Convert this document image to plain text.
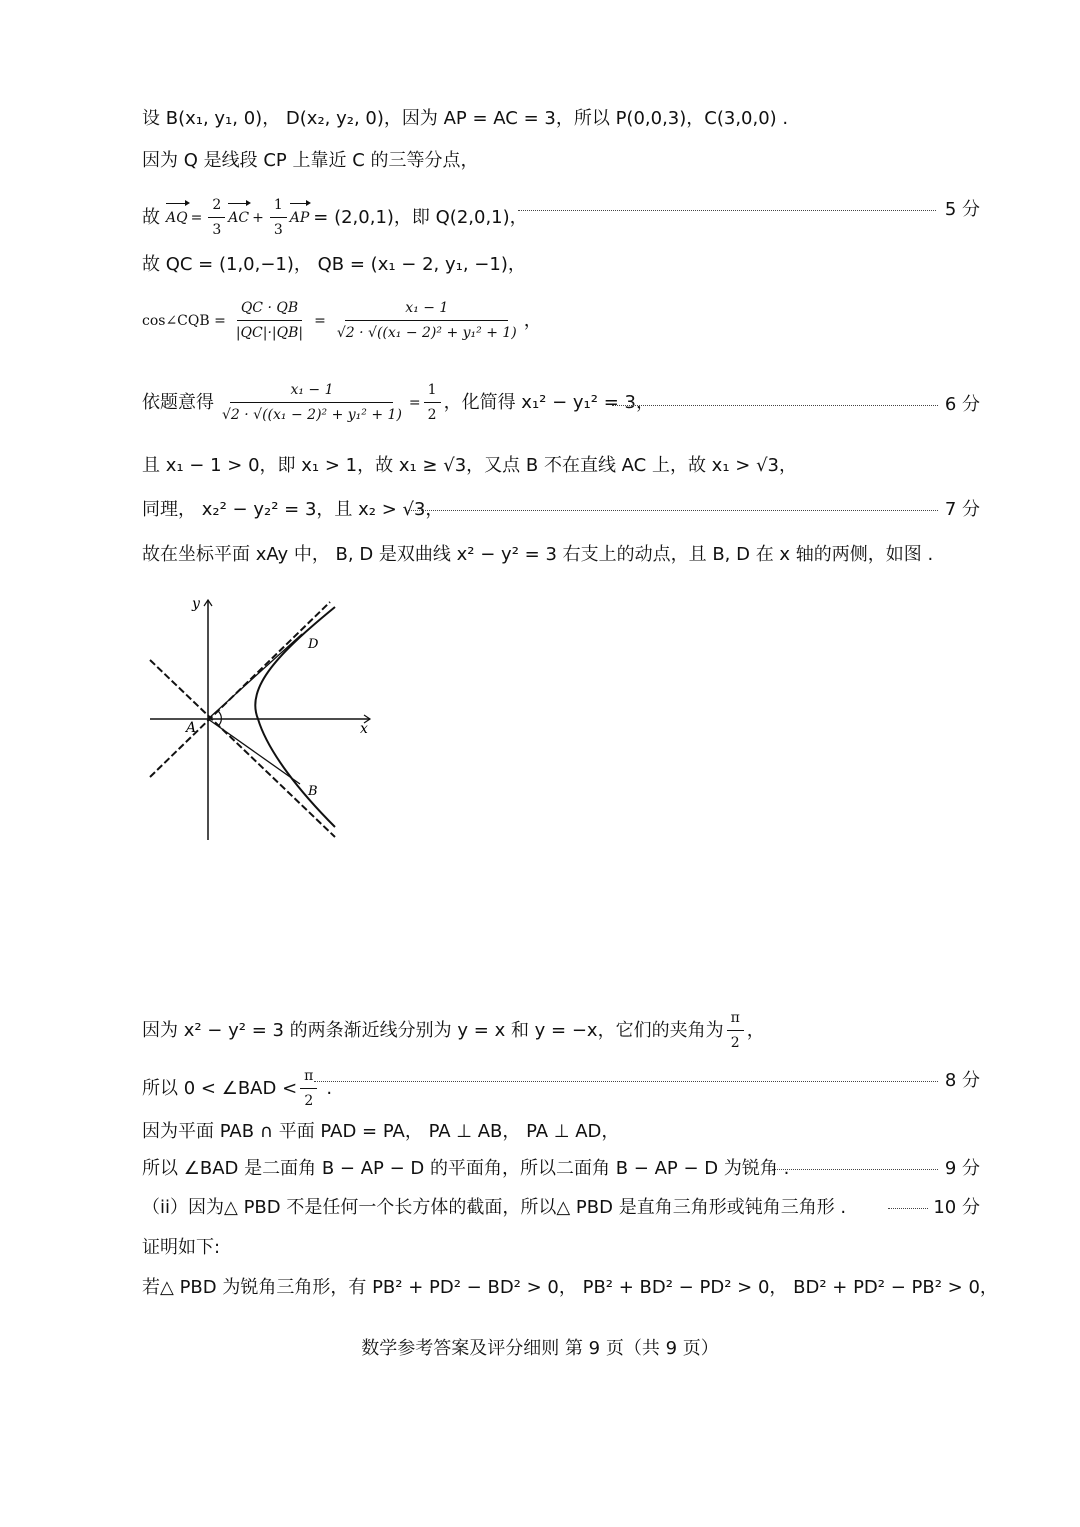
设 B(x₁, y₁, 0)， D(x₂, y₂, 0)，因为 AP = AC = 3，所以 P(0,0,3)，C(3,0,0) .
因为 Q 是线段 CP 上靠近 C 的三等分点，
故 AQ = $\frac{2}{3}$ AC + $\frac{1}{3}$ AP = (2,0,1)，即 Q(2,0,1)，	5 分
故 QC = (1,0,−1)， QB = (x₁ − 2, y₁, −1)，
cos∠CQB = $\frac{QC \cdot QB}{|QC|\cdot|QB|} = \frac{\text{x₁ − 1}}{\text{√2 · √((x₁ − 2)² + y₁² + 1)}}$ ，
依题意得 $\frac{\text{x₁ − 1}}{\text{√2 · √((x₁ − 2)² + y₁² + 1)}} = \frac{1}{2}$ ，化简得 x₁² − y₁² = 3，	6 分
且 x₁ − 1 > 0，即 x₁ > 1，故 x₁ ≥ √3，又点 B 不在直线 AC 上，故 x₁ > √3，
同理， x₂² − y₂² = 3，且 x₂ > √3，	7 分
故在坐标平面 xAy 中， B, D 是双曲线 x² − y² = 3 右支上的动点，且 B, D 在 x 轴的两侧，如图 .
y
x
A
D
B
因为 x² − y² = 3 的两条渐近线分别为 y = x 和 y = −x，它们的夹角为 $\frac{\pi}{2}$ ，
所以 0 < ∠BAD < $\frac{\pi}{2}$ .	8 分
因为平面 PAB ∩ 平面 PAD = PA， PA ⊥ AB， PA ⊥ AD，
所以 ∠BAD 是二面角 B − AP − D 的平面角，所以二面角 B − AP − D 为锐角 .	9 分
（ii）因为△ PBD 不是任何一个长方体的截面，所以△ PBD 是直角三角形或钝角三角形 .	10 分
证明如下:
若△ PBD 为锐角三角形，有 PB² + PD² − BD² > 0， PB² + BD² − PD² > 0， BD² + PD² − PB² > 0，
数学参考答案及评分细则 第 9 页（共 9 页）
